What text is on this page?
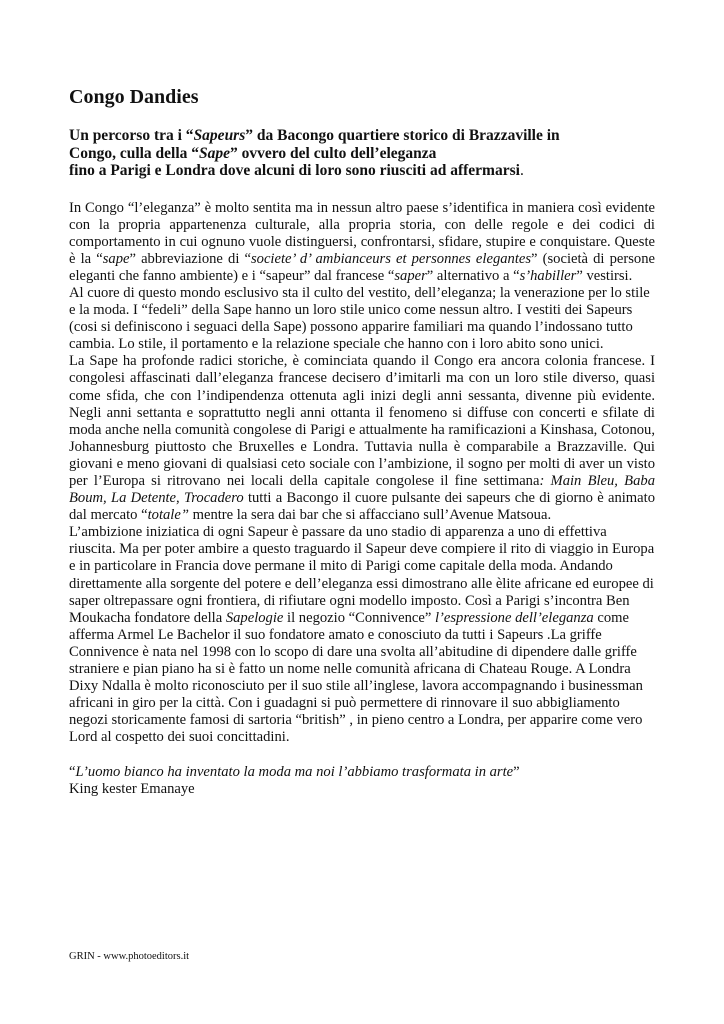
Congo Dandies
Un percorso tra i “Sapeurs” da Bacongo quartiere storico di Brazzaville in
Congo, culla della “Sape” ovvero del culto dell’eleganza
fino a Parigi e Londra dove alcuni di loro sono riusciti ad affermarsi.

In Congo “l’eleganza” è molto sentita ma in nessun altro paese s’identifica in maniera così evidente con la propria appartenenza culturale, alla propria storia, con delle regole e dei codici di comportamento in cui ognuno vuole distinguersi, confrontarsi, sfidare, stupire e conquistare. Queste è la “sape” abbreviazione di “societe’ d’ ambianceurs et personnes elegantes” (società di persone eleganti che fanno ambiente) e i “sapeur” dal francese “saper” alternativo a “s’habiller” vestirsi.

Al cuore di questo mondo esclusivo sta il culto del vestito, dell’eleganza; la venerazione per lo stile e la moda. I “fedeli” della Sape hanno un loro stile unico come nessun altro. I vestiti dei Sapeurs (cosi si definiscono i seguaci della Sape) possono apparire familiari ma quando l’indossano tutto cambia. Lo stile, il portamento e la relazione speciale che hanno con i loro abito sono unici.

La Sape ha profonde radici storiche, è cominciata quando il Congo era ancora colonia francese. I congolesi affascinati dall’eleganza francese decisero d’imitarli ma con un loro stile diverso, quasi come sfida, che con l’indipendenza ottenuta agli inizi degli anni sessanta, divenne più evidente. Negli anni settanta e soprattutto negli anni ottanta il fenomeno si diffuse con concerti e sfilate di moda anche nella comunità congolese di Parigi e attualmente ha ramificazioni a Kinshasa, Cotonou, Johannesburg piuttosto che Bruxelles e Londra. Tuttavia nulla è comparabile a Brazzaville. Qui giovani e meno giovani di qualsiasi ceto sociale con l’ambizione, il sogno per molti di aver un visto per l’Europa si ritrovano nei locali della capitale congolese il fine settimana: Main Bleu, Baba Boum, La Detente, Trocadero tutti a Bacongo il cuore pulsante dei sapeurs che di giorno è animato dal mercato “totale” mentre la sera dai bar che si affacciano sull’Avenue Matsoua.

L’ambizione iniziatica di ogni Sapeur è passare da uno stadio di apparenza a uno di effettiva riuscita. Ma per poter ambire a questo traguardo il Sapeur deve compiere il rito di viaggio in Europa e in particolare in Francia dove permane il mito di Parigi come capitale della moda. Andando direttamente alla sorgente del potere e dell’eleganza essi dimostrano alle èlite africane ed europee di saper oltrepassare ogni frontiera, di rifiutare ogni modello imposto. Così a Parigi s’incontra Ben Moukacha fondatore della Sapelogie il negozio “Connivence” l’espressione dell’eleganza come afferma Armel Le Bachelor il suo fondatore amato e conosciuto da tutti i Sapeurs .La griffe Connivence è nata nel 1998 con lo scopo di dare una svolta all’abitudine di dipendere dalle griffe straniere e pian piano ha si è fatto un nome nelle comunità africana di Chateau Rouge. A Londra Dixy Ndalla è molto riconosciuto per il suo stile all’inglese, lavora accompagnando i businessman africani in giro per la città. Con i guadagni si può permettere di rinnovare il suo abbigliamento negozi storicamente famosi di sartoria “british” , in pieno centro a Londra, per apparire come vero Lord al cospetto dei suoi concittadini.

“L’uomo bianco ha inventato la moda ma noi l’abbiamo trasformata in arte”

King kester Emanaye

GRIN - www.photoeditors.it
